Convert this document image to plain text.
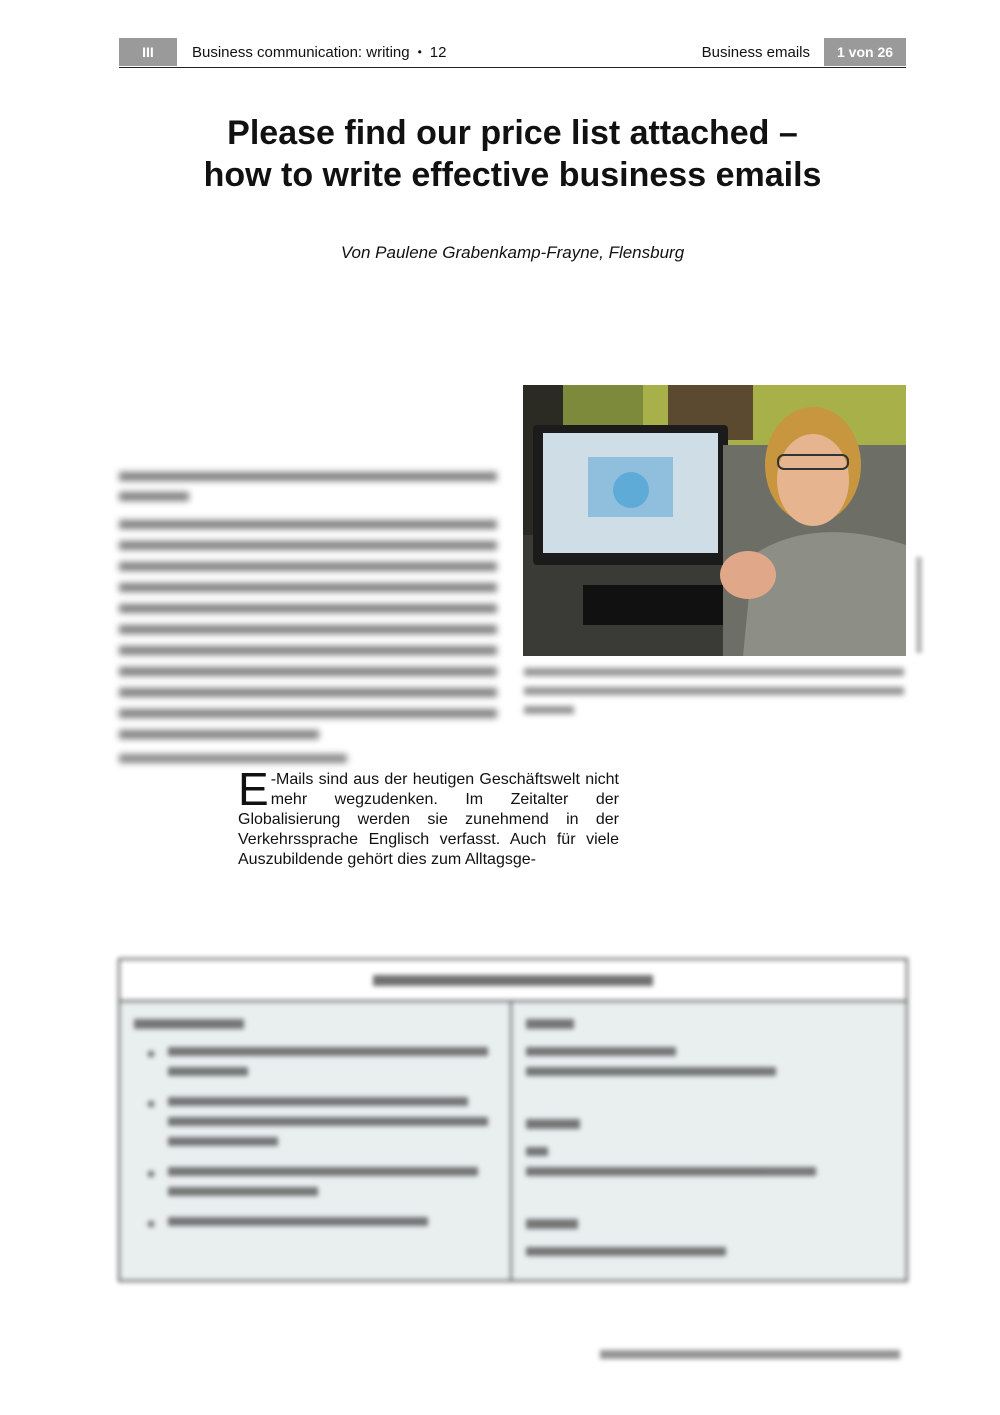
III	Business communication: writing • 12	Business emails	1 von 26
Please find our price list attached –
how to write effective business emails
Von Paulene Grabenkamp-Frayne, Flensburg
E -Mails sind aus der heutigen Geschäftswelt nicht mehr wegzudenken. Im Zeitalter der Globalisierung werden sie zunehmend in der Verkehrssprache Englisch verfasst. Auch für viele Auszubildende gehört dies zum Alltagsge-
